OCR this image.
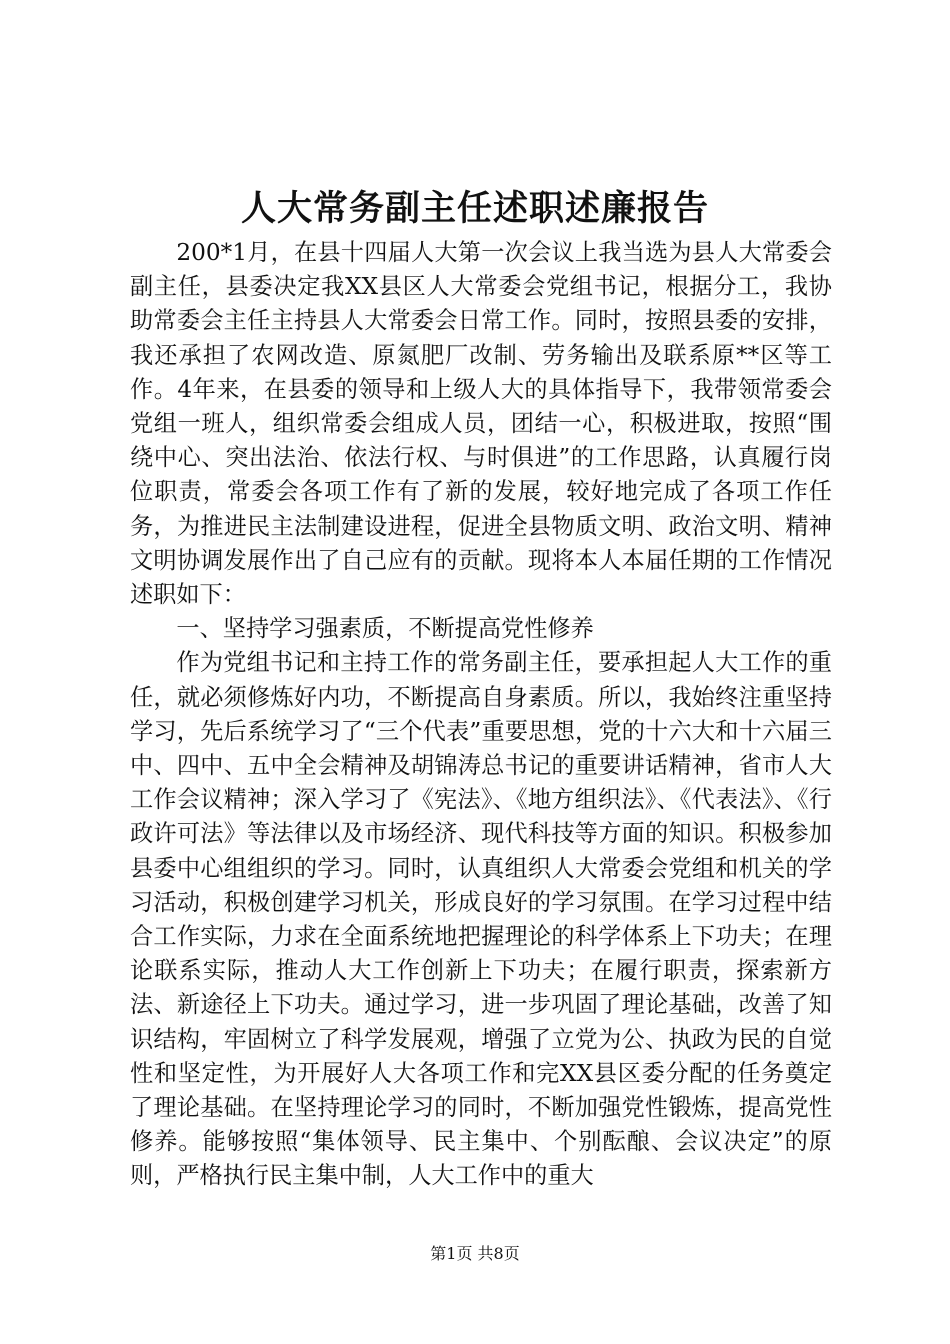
人大常务副主任述职述廉报告

200*1月，在县十四届人大第一次会议上我当选为县人大常委会副主任，县委决定我XX县区人大常委会党组书记，根据分工，我协助常委会主任主持县人大常委会日常工作。同时，按照县委的安排，我还承担了农网改造、原氮肥厂改制、劳务输出及联系原**区等工作。4年来，在县委的领导和上级人大的具体指导下，我带领常委会党组一班人，组织常委会组成人员，团结一心，积极进取，按照“围绕中心、突出法治、依法行权、与时俱进”的工作思路，认真履行岗位职责，常委会各项工作有了新的发展，较好地完成了各项工作任务，为推进民主法制建设进程，促进全县物质文明、政治文明、精神文明协调发展作出了自己应有的贡献。现将本人本届任期的工作情况述职如下：

一、坚持学习强素质，不断提高党性修养

作为党组书记和主持工作的常务副主任，要承担起人大工作的重任，就必须修炼好内功，不断提高自身素质。所以，我始终注重坚持学习，先后系统学习了“三个代表”重要思想，党的十六大和十六届三中、四中、五中全会精神及胡锦涛总书记的重要讲话精神，省市人大工作会议精神；深入学习了《宪法》、《地方组织法》、《代表法》、《行政许可法》等法律以及市场经济、现代科技等方面的知识。积极参加县委中心组组织的学习。同时，认真组织人大常委会党组和机关的学习活动，积极创建学习机关，形成良好的学习氛围。在学习过程中结合工作实际，力求在全面系统地把握理论的科学体系上下功夫；在理论联系实际，推动人大工作创新上下功夫；在履行职责，探索新方法、新途径上下功夫。通过学习，进一步巩固了理论基础，改善了知识结构，牢固树立了科学发展观，增强了立党为公、执政为民的自觉性和坚定性，为开展好人大各项工作和完XX县区委分配的任务奠定了理论基础。在坚持理论学习的同时，不断加强党性锻炼，提高党性修养。能够按照“集体领导、民主集中、个别酝酿、会议决定”的原则，严格执行民主集中制，人大工作中的重大

第1页 共8页
